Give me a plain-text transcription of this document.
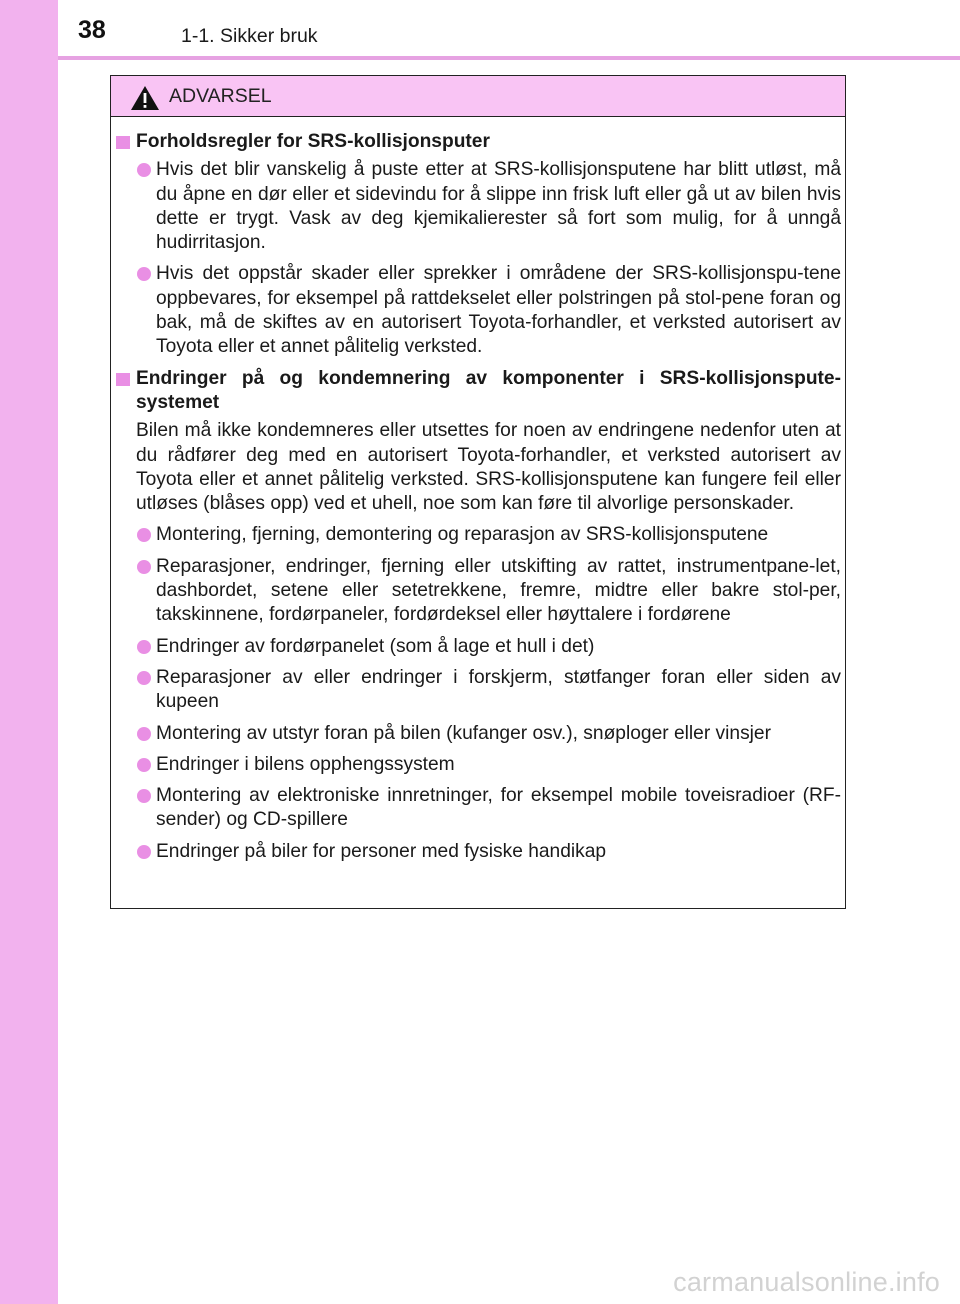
38	1-1. Sikker bruk
ADVARSEL
Forholdsregler for SRS-kollisjonsputer
Hvis det blir vanskelig å puste etter at SRS-kollisjonsputene har blitt utløst, må du åpne en dør eller et sidevindu for å slippe inn frisk luft eller gå ut av bilen hvis dette er trygt. Vask av deg kjemikalierester så fort som mulig, for å unngå hudirritasjon.
Hvis det oppstår skader eller sprekker i områdene der SRS-kollisjonspu-tene oppbevares, for eksempel på rattdekselet eller polstringen på stol-pene foran og bak, må de skiftes av en autorisert Toyota-forhandler, et verksted autorisert av Toyota eller et annet pålitelig verksted.
Endringer på og kondemnering av komponenter i SRS-kollisjonspute-systemet
Bilen må ikke kondemneres eller utsettes for noen av endringene nedenfor uten at du rådfører deg med en autorisert Toyota-forhandler, et verksted autorisert av Toyota eller et annet pålitelig verksted. SRS-kollisjonsputene kan fungere feil eller utløses (blåses opp) ved et uhell, noe som kan føre til alvorlige personskader.
Montering, fjerning, demontering og reparasjon av SRS-kollisjonsputene
Reparasjoner, endringer, fjerning eller utskifting av rattet, instrumentpane-let, dashbordet, setene eller setetrekkene, fremre, midtre eller bakre stol-per, takskinnene, fordørpaneler, fordørdeksel eller høyttalere i fordørene
Endringer av fordørpanelet (som å lage et hull i det)
Reparasjoner av eller endringer i forskjerm, støtfanger foran eller siden av kupeen
Montering av utstyr foran på bilen (kufanger osv.), snøploger eller vinsjer
Endringer i bilens opphengssystem
Montering av elektroniske innretninger, for eksempel mobile toveisradioer (RF-sender) og CD-spillere
Endringer på biler for personer med fysiske handikap
carmanualsonline.info
